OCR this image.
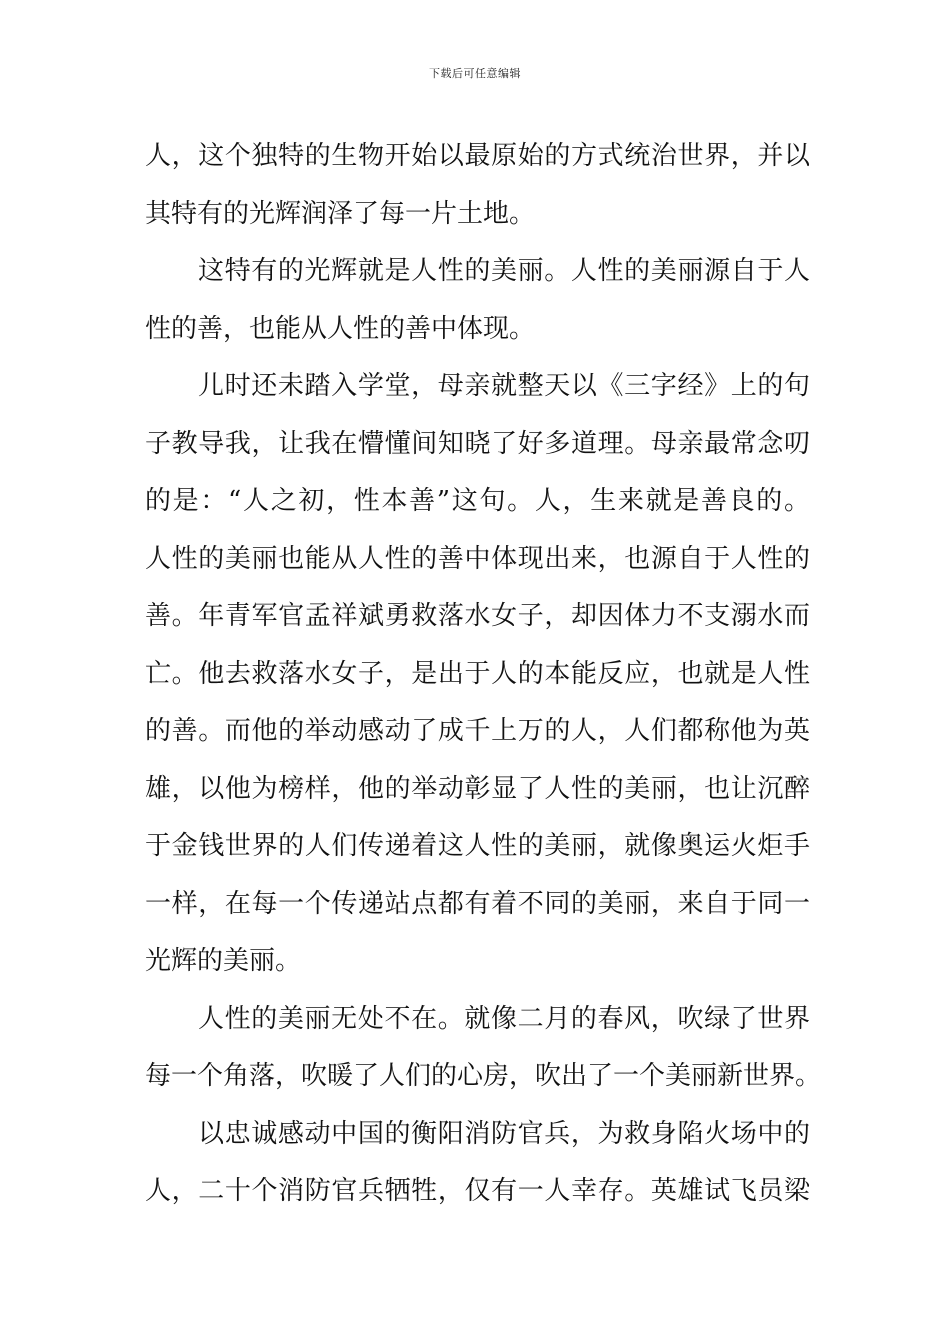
下载后可任意编辑
人，这个独特的生物开始以最原始的方式统治世界，并以
其特有的光辉润泽了每一片土地。
这特有的光辉就是人性的美丽。人性的美丽源自于人
性的善，也能从人性的善中体现。
儿时还未踏入学堂，母亲就整天以《三字经》上的句
子教导我，让我在懵懂间知晓了好多道理。母亲最常念叨
的是：“人之初，性本善”这句。人，生来就是善良的。
人性的美丽也能从人性的善中体现出来，也源自于人性的
善。年青军官孟祥斌勇救落水女子，却因体力不支溺水而
亡。他去救落水女子，是出于人的本能反应，也就是人性
的善。而他的举动感动了成千上万的人，人们都称他为英
雄，以他为榜样，他的举动彰显了人性的美丽，也让沉醉
于金钱世界的人们传递着这人性的美丽，就像奥运火炬手
一样，在每一个传递站点都有着不同的美丽，来自于同一
光辉的美丽。
人性的美丽无处不在。就像二月的春风，吹绿了世界
每一个角落，吹暖了人们的心房，吹出了一个美丽新世界。
以忠诚感动中国的衡阳消防官兵，为救身陷火场中的
人，二十个消防官兵牺牲，仅有一人幸存。英雄试飞员梁
